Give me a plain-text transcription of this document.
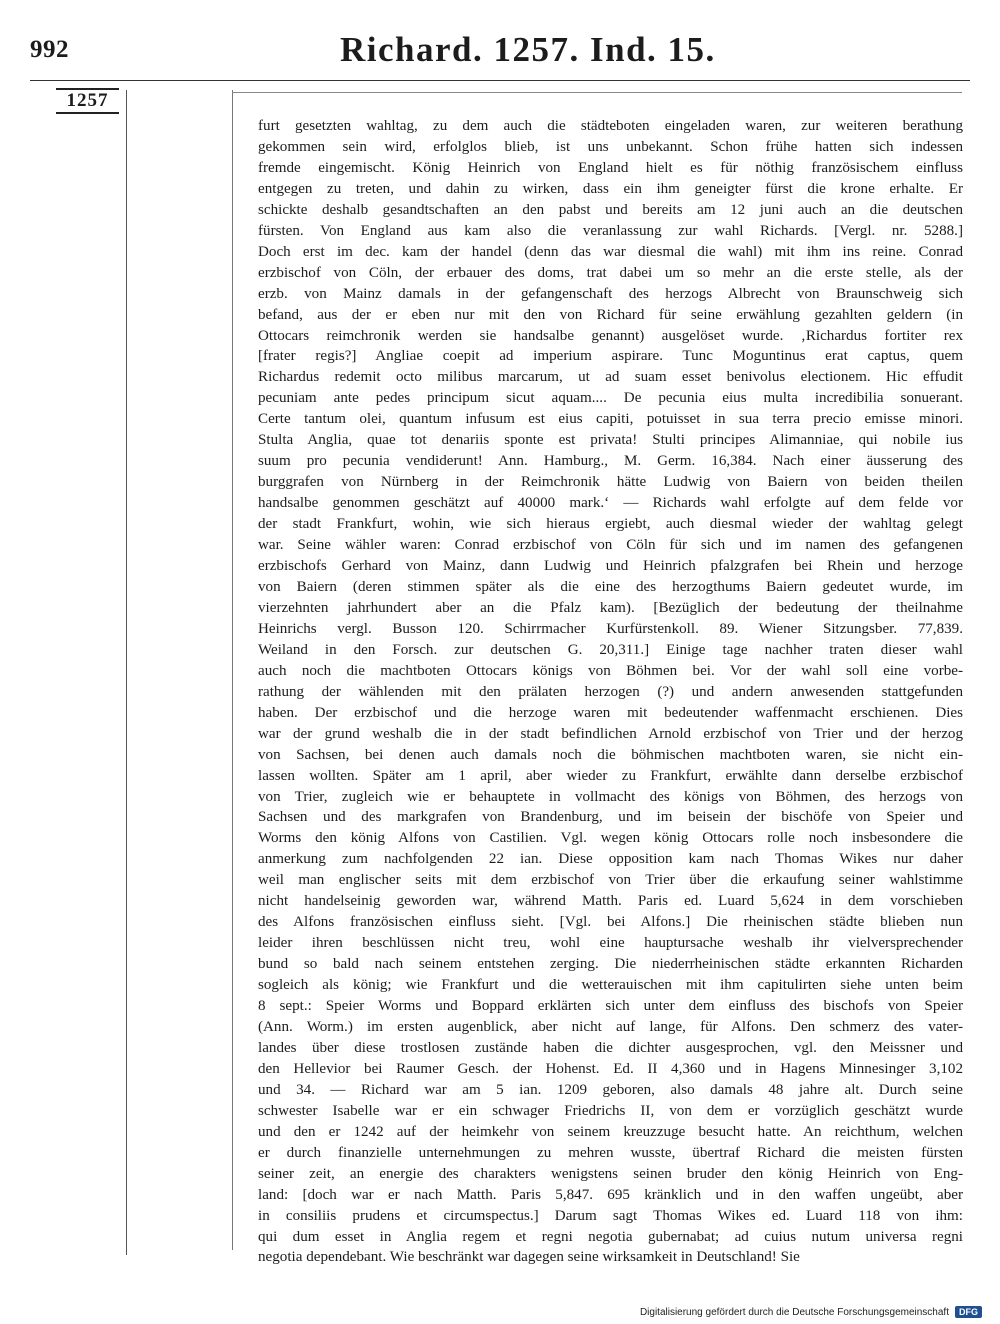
992	Richard. 1257. Ind. 15.
1257
furt gesetzten wahltag, zu dem auch die städteboten eingeladen waren, zur weiteren berathung
gekommen sein wird, erfolglos blieb, ist uns unbekannt. Schon frühe hatten sich indessen
fremde eingemischt. König Heinrich von England hielt es für nöthig französischem einfluss
entgegen zu treten, und dahin zu wirken, dass ein ihm geneigter fürst die krone erhalte. Er
schickte deshalb gesandtschaften an den pabst und bereits am 12 juni auch an die deutschen
fürsten. Von England aus kam also die veranlassung zur wahl Richards. [Vergl. nr. 5288.]
Doch erst im dec. kam der handel (denn das war diesmal die wahl) mit ihm ins reine. Conrad
erzbischof von Cöln, der erbauer des doms, trat dabei um so mehr an die erste stelle, als der
erzb. von Mainz damals in der gefangenschaft des herzogs Albrecht von Braunschweig sich
befand, aus der er eben nur mit den von Richard für seine erwählung gezahlten geldern (in
Ottocars reimchronik werden sie handsalbe genannt) ausgelöset wurde. ‚Richardus fortiter rex
[frater regis?] Angliae coepit ad imperium aspirare. Tunc Moguntinus erat captus, quem
Richardus redemit octo milibus marcarum, ut ad suam esset benivolus electionem. Hic effudit
pecuniam ante pedes principum sicut aquam.... De pecunia eius multa incredibilia sonuerant.
Certe tantum olei, quantum infusum est eius capiti, potuisset in sua terra precio emisse minori.
Stulta Anglia, quae tot denariis sponte est privata! Stulti principes Alimanniae, qui nobile ius
suum pro pecunia vendiderunt! Ann. Hamburg., M. Germ. 16,384. Nach einer äusserung des
burggrafen von Nürnberg in der Reimchronik hätte Ludwig von Baiern von beiden theilen
handsalbe genommen geschätzt auf 40000 mark.‘ — Richards wahl erfolgte auf dem felde vor
der stadt Frankfurt, wohin, wie sich hieraus ergiebt, auch diesmal wieder der wahltag gelegt
war. Seine wähler waren: Conrad erzbischof von Cöln für sich und im namen des gefangenen
erzbischofs Gerhard von Mainz, dann Ludwig und Heinrich pfalzgrafen bei Rhein und herzoge
von Baiern (deren stimmen später als die eine des herzogthums Baiern gedeutet wurde, im
vierzehnten jahrhundert aber an die Pfalz kam). [Bezüglich der bedeutung der theilnahme
Heinrichs vergl. Busson 120. Schirrmacher Kurfürstenkoll. 89. Wiener Sitzungsber. 77,839.
Weiland in den Forsch. zur deutschen G. 20,311.] Einige tage nachher traten dieser wahl
auch noch die machtboten Ottocars königs von Böhmen bei. Vor der wahl soll eine vorbe-
rathung der wählenden mit den prälaten herzogen (?) und andern anwesenden stattgefunden
haben. Der erzbischof und die herzoge waren mit bedeutender waffenmacht erschienen. Dies
war der grund weshalb die in der stadt befindlichen Arnold erzbischof von Trier und der herzog
von Sachsen, bei denen auch damals noch die böhmischen machtboten waren, sie nicht ein-
lassen wollten. Später am 1 april, aber wieder zu Frankfurt, erwählte dann derselbe erzbischof
von Trier, zugleich wie er behauptete in vollmacht des königs von Böhmen, des herzogs von
Sachsen und des markgrafen von Brandenburg, und im beisein der bischöfe von Speier und
Worms den könig Alfons von Castilien. Vgl. wegen könig Ottocars rolle noch insbesondere die
anmerkung zum nachfolgenden 22 ian. Diese opposition kam nach Thomas Wikes nur daher
weil man englischer seits mit dem erzbischof von Trier über die erkaufung seiner wahlstimme
nicht handelseinig geworden war, während Matth. Paris ed. Luard 5,624 in dem vorschieben
des Alfons französischen einfluss sieht. [Vgl. bei Alfons.] Die rheinischen städte blieben nun
leider ihren beschlüssen nicht treu, wohl eine hauptursache weshalb ihr vielversprechender
bund so bald nach seinem entstehen zerging. Die niederrheinischen städte erkannten Richarden
sogleich als könig; wie Frankfurt und die wetterauischen mit ihm capitulirten siehe unten beim
8 sept.: Speier Worms und Boppard erklärten sich unter dem einfluss des bischofs von Speier
(Ann. Worm.) im ersten augenblick, aber nicht auf lange, für Alfons. Den schmerz des vater-
landes über diese trostlosen zustände haben die dichter ausgesprochen, vgl. den Meissner und
den Hellevior bei Raumer Gesch. der Hohenst. Ed. II 4,360 und in Hagens Minnesinger 3,102
und 34. — Richard war am 5 ian. 1209 geboren, also damals 48 jahre alt. Durch seine
schwester Isabelle war er ein schwager Friedrichs II, von dem er vorzüglich geschätzt wurde
und den er 1242 auf der heimkehr von seinem kreuzzuge besucht hatte. An reichthum, welchen
er durch finanzielle unternehmungen zu mehren wusste, übertraf Richard die meisten fürsten
seiner zeit, an energie des charakters wenigstens seinen bruder den könig Heinrich von Eng-
land: [doch war er nach Matth. Paris 5,847. 695 kränklich und in den waffen ungeübt, aber
in consiliis prudens et circumspectus.] Darum sagt Thomas Wikes ed. Luard 118 von ihm:
qui dum esset in Anglia regem et regni negotia gubernabat; ad cuius nutum universa regni
negotia dependebant. Wie beschränkt war dagegen seine wirksamkeit in Deutschland! Sie
Digitalisierung gefördert durch die Deutsche Forschungsgemeinschaft	DFG
